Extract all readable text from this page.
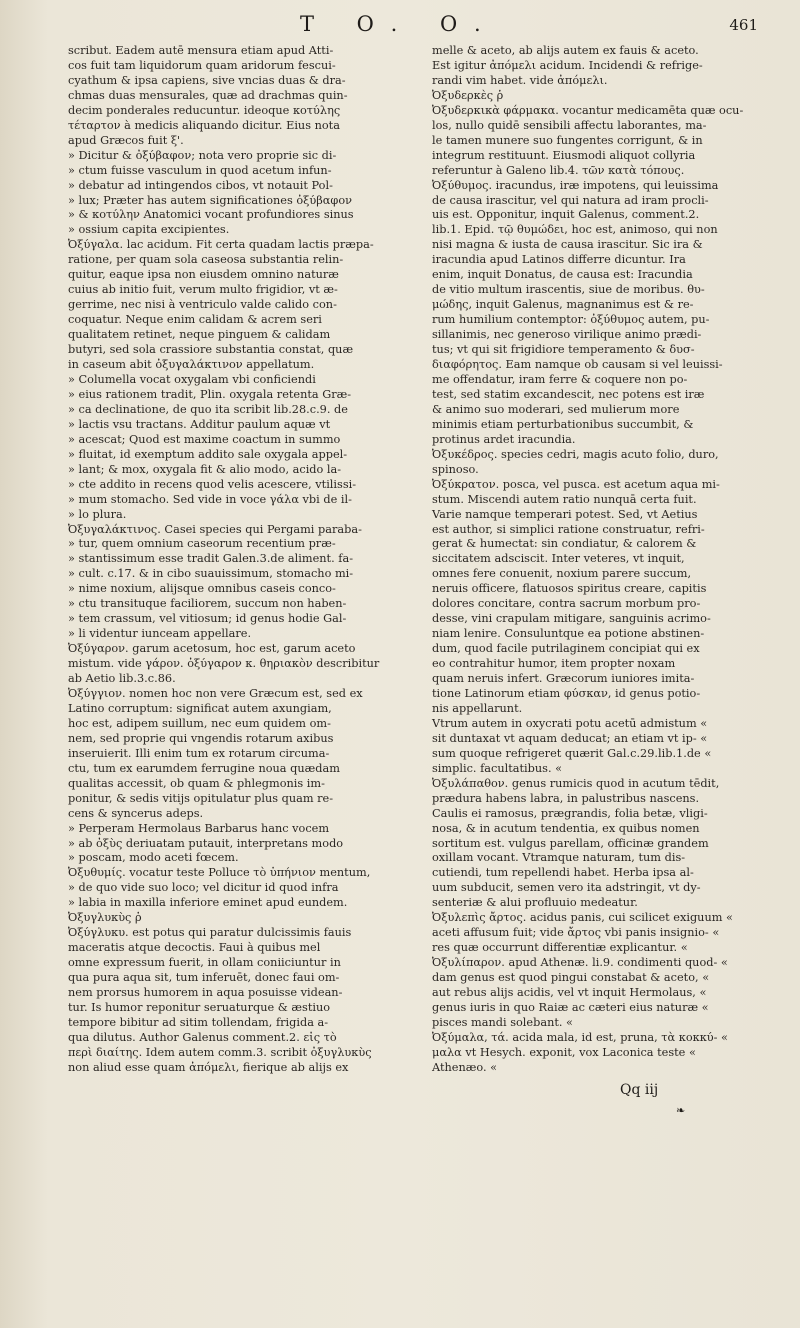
T O. O.	461

scribut. Eadem autē mensura etiam apud Atti-

cos fuit tam liquidorum quam aridorum fescui-

cyathum & ipsa capiens, sive vncias duas & dra-

chmas duas mensurales, quæ ad drachmas quin-

decim ponderales reducuntur. ideoque κοτύλης

τέταρτον à medicis aliquando dicitur. Eius nota

apud Græcos fuit ξ'.

» Dicitur & ὀξύβαφον; nota vero proprie sic di-

» ctum fuisse vasculum in quod acetum infun-

» debatur ad intingendos cibos, vt notauit Pol-

» lux; Præter has autem significationes ὀξύβαφον

» & κοτύλην Anatomici vocant profundiores sinus

» ossium capita excipientes.

Ὀξύγαλα. lac acidum. Fit certa quadam lactis præpa-

ratione, per quam sola caseosa substantia relin-

quitur, eaque ipsa non eiusdem omnino naturæ

cuius ab initio fuit, verum multo frigidior, vt æ-

gerrime, nec nisi à ventriculo valde calido con-

coquatur. Neque enim calidam & acrem seri

qualitatem retinet, neque pinguem & calidam

butyri, sed sola crassiore substantia constat, quæ

in caseum abit ὀξυγαλάκτινον appellatum.

» Columella vocat oxygalam vbi conficiendi

» eius rationem tradit, Plin. oxygala retenta Græ-

» ca declinatione, de quo ita scribit lib.28.c.9. de

» lactis vsu tractans. Additur paulum aquæ vt

» acescat; Quod est maxime coactum in summo

» fluitat, id exemptum addito sale oxygala appel-

» lant; & mox, oxygala fit & alio modo, acido la-

» cte addito in recens quod velis acescere, vtilissi-

» mum stomacho. Sed vide in voce γάλα vbi de il-

» lo plura.

Ὀξυγαλάκτινος. Casei species qui Pergami paraba-

» tur, quem omnium caseorum recentium præ-

» stantissimum esse tradit Galen.3.de aliment. fa-

» cult. c.17. & in cibo suauissimum, stomacho mi-

» nime noxium, alijsque omnibus caseis conco-

» ctu transituque faciliorem, succum non haben-

» tem crassum, vel vitiosum; id genus hodie Gal-

» li videntur iunceam appellare.

Ὀξύγαρον. garum acetosum, hoc est, garum aceto

mistum. vide γάρον. ὀξύγαρον κ. θηριακὸν describitur

ab Aetio lib.3.c.86.

Ὀξύγγιον. nomen hoc non vere Græcum est, sed ex

Latino corruptum: significat autem axungiam,

hoc est, adipem suillum, nec eum quidem om-

nem, sed proprie qui vngendis rotarum axibus

inseruierit. Illi enim tum ex rotarum circuma-

ctu, tum ex earumdem ferrugine noua quædam

qualitas accessit, ob quam & phlegmonis im-

ponitur, & sedis vitijs opitulatur plus quam re-

cens & syncerus adeps.

» Perperam Hermolaus Barbarus hanc vocem

» ab ὀξὺς deriuatam putauit, interpretans modo

» poscam, modo aceti fœcem.

Ὀξυθυμίς. vocatur teste Polluce τὸ ὑπήνιον mentum,

» de quo vide suo loco; vel dicitur id quod infra

» labia in maxilla inferiore eminet apud eundem.

Ὀξυγλυκὺς ῥ

Ὀξύγλυκυ. est potus qui paratur dulcissimis fauis

maceratis atque decoctis. Faui à quibus mel

omne expressum fuerit, in ollam coniiciuntur in

qua pura aqua sit, tum inferuēt, donec faui om-

nem prorsus humorem in aqua posuisse videan-

tur. Is humor reponitur seruaturque & æstiuo

tempore bibitur ad sitim tollendam, frigida a-

qua dilutus. Author Galenus comment.2. εἰς τὸ

περὶ διαίτης. Idem autem comm.3. scribit ὀξυγλυκὺς

non aliud esse quam ἀπόμελι, fierique ab alijs ex

melle & aceto, ab alijs autem ex fauis & aceto.

Est igitur ἀπόμελι acidum. Incidendi & refrige-

randi vim habet. vide ἀπόμελι.

Ὀξυδερκὲς ῥ

Ὀξυδερκικὰ φάρμακα. vocantur medicamēta quæ ocu-

los, nullo quidē sensibili affectu laborantes, ma-

le tamen munere suo fungentes corrigunt, & in

integrum restituunt. Eiusmodi aliquot collyria

referuntur à Galeno lib.4. τῶν κατὰ τόπους.

Ὀξύθυμος. iracundus, iræ impotens, qui leuissima

de causa irascitur, vel qui natura ad iram procli-

uis est. Opponitur, inquit Galenus, comment.2.

lib.1. Epid. τῷ θυμώδει, hoc est, animoso, qui non

nisi magna & iusta de causa irascitur. Sic ira &

iracundia apud Latinos differre dicuntur. Ira

enim, inquit Donatus, de causa est: Iracundia

de vitio multum irascentis, siue de moribus. θυ-

μώδης, inquit Galenus, magnanimus est & re-

rum humilium contemptor: ὀξύθυμος autem, pu-

sillanimis, nec generoso virilique animo prædi-

tus; vt qui sit frigidiore temperamento & δυσ-

διαφόρητος. Eam namque ob causam si vel leuissi-

me offendatur, iram ferre & coquere non po-

test, sed statim excandescit, nec potens est iræ

& animo suo moderari, sed mulierum more

minimis etiam perturbationibus succumbit, &

protinus ardet iracundia.

Ὀξυκέδρος. species cedri, magis acuto folio, duro,

spinoso.

Ὀξύκρατον. posca, vel pusca. est acetum aqua mi-

stum. Miscendi autem ratio nunquā certa fuit.

Varie namque temperari potest. Sed, vt Aetius

est author, si simplici ratione construatur, refri-

gerat & humectat: sin condiatur, & calorem &

siccitatem adsciscit. Inter veteres, vt inquit,

omnes fere conuenit, noxium parere succum,

neruis officere, flatuosos spiritus creare, capitis

dolores concitare, contra sacrum morbum pro-

desse, vini crapulam mitigare, sanguinis acrimo-

niam lenire. Consuluntque ea potione abstinen-

dum, quod facile putrilaginem concipiat qui ex

eo contrahitur humor, item propter noxam

quam neruis infert. Græcorum iuniores imita-

tione Latinorum etiam φύσκαν, id genus potio-

nis appellarunt.

Vtrum autem in oxycrati potu acetū admistum «

sit duntaxat vt aquam deducat; an etiam vt ip- «

sum quoque refrigeret quærit Gal.c.29.lib.1.de «

simplic. facultatibus. «

Ὀξυλάπαθον. genus rumicis quod in acutum tēdit,

prædura habens labra, in palustribus nascens.

Caulis ei ramosus, prægrandis, folia betæ, vligi-

nosa, & in acutum tendentia, ex quibus nomen

sortitum est. vulgus parellam, officinæ grandem

oxillam vocant. Vtramque naturam, tum dis-

cutiendi, tum repellendi habet. Herba ipsa al-

uum subducit, semen vero ita adstringit, vt dy-

senteriæ & alui profluuio medeatur.

Ὀξυλεπὶς ἄρτος. acidus panis, cui scilicet exiguum «

aceti affusum fuit; vide ἄρτος vbi panis insignio- «

res quæ occurrunt differentiæ explicantur. «

Ὀξυλίπαρον. apud Athenæ. li.9. condimenti quod- «

dam genus est quod pingui constabat & aceto, «

aut rebus alijs acidis, vel vt inquit Hermolaus, «

genus iuris in quo Raiæ ac cæteri eius naturæ «

pisces mandi solebant. «

Ὀξύμαλα, τά. acida mala, id est, pruna, τὰ κοκκύ- «

μαλα vt Hesych. exponit, vox Laconica teste «

Athenæo. «

Qq iij
❧
